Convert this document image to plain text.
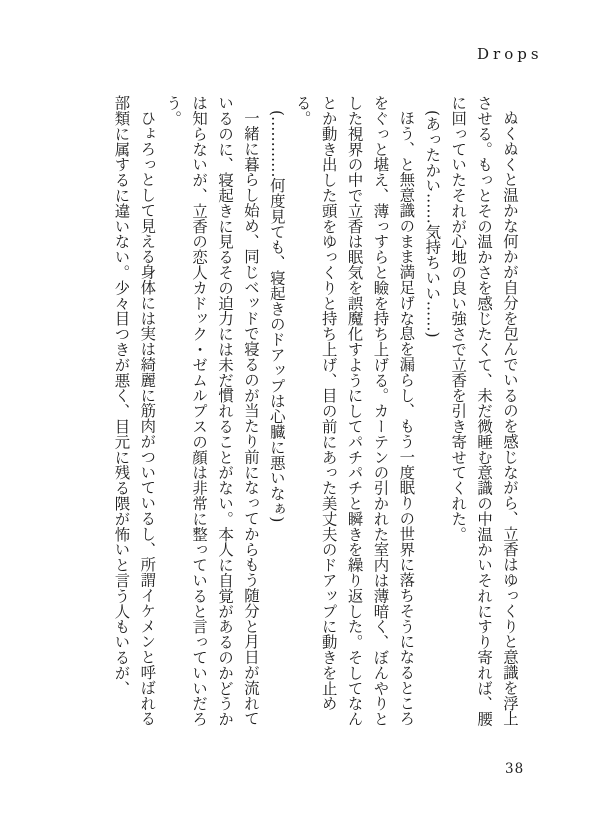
Drops

ぬくぬくと温かな何かが自分を包んでいるのを感じながら、立香はゆっくりと意識を浮上させる。もっとその温かさを感じたくて、未だ微睡む意識の中温かいそれにすり寄れば、腰に回っていたそれが心地の良い強さで立香を引き寄せてくれた。

(あったかい……気持ちいい……)

ほう、と無意識のまま満足げな息を漏らし、もう一度眠りの世界に落ちそうになるところをぐっと堪え、薄っすらと瞼を持ち上げる。カーテンの引かれた室内は薄暗く、ぼんやりとした視界の中で立香は眠気を誤魔化すようにしてパチパチと瞬きを繰り返した。そしてなんとか動き出した頭をゆっくりと持ち上げ、目の前にあった美丈夫のドアップに動きを止める。

(…………何度見ても、寝起きのドアップは心臓に悪いなぁ)

一緒に暮らし始め、同じベッドで寝るのが当たり前になってからもう随分と月日が流れているのに、寝起きに見るその迫力には未だ慣れることがない。本人に自覚があるのかどうかは知らないが、立香の恋人カドック・ゼムルプスの顔は非常に整っていると言っていいだろう。

ひょろっとして見える身体には実は綺麗に筋肉がついているし、所謂イケメンと呼ばれる部類に属するに違いない。少々目つきが悪く、目元に残る隈が怖いと言う人もいるが、

38
